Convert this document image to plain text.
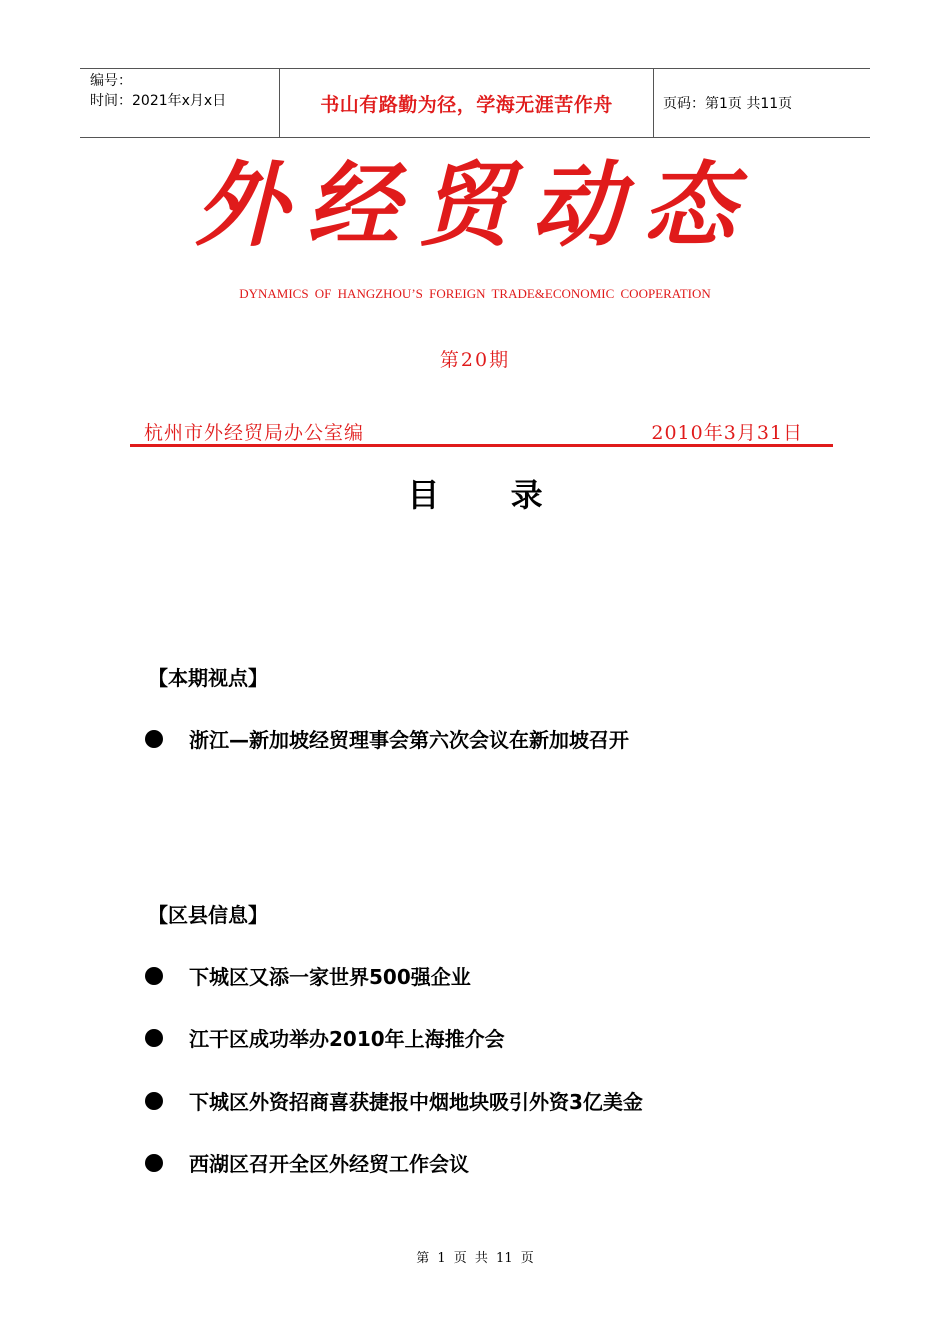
编号：
时间：2021年x月x日	书山有路勤为径，学海无涯苦作舟	页码：第1页 共11页
外经贸动态
DYNAMICS OF HANGZHOU’S FOREIGN TRADE&ECONOMIC COOPERATION
第20期
杭州市外经贸局办公室编	2010年3月31日
目 录
【本期视点】
浙江—新加坡经贸理事会第六次会议在新加坡召开
【区县信息】
下城区又添一家世界500强企业
江干区成功举办2010年上海推介会
下城区外资招商喜获捷报中烟地块吸引外资3亿美金
西湖区召开全区外经贸工作会议
第 1 页 共 11 页
